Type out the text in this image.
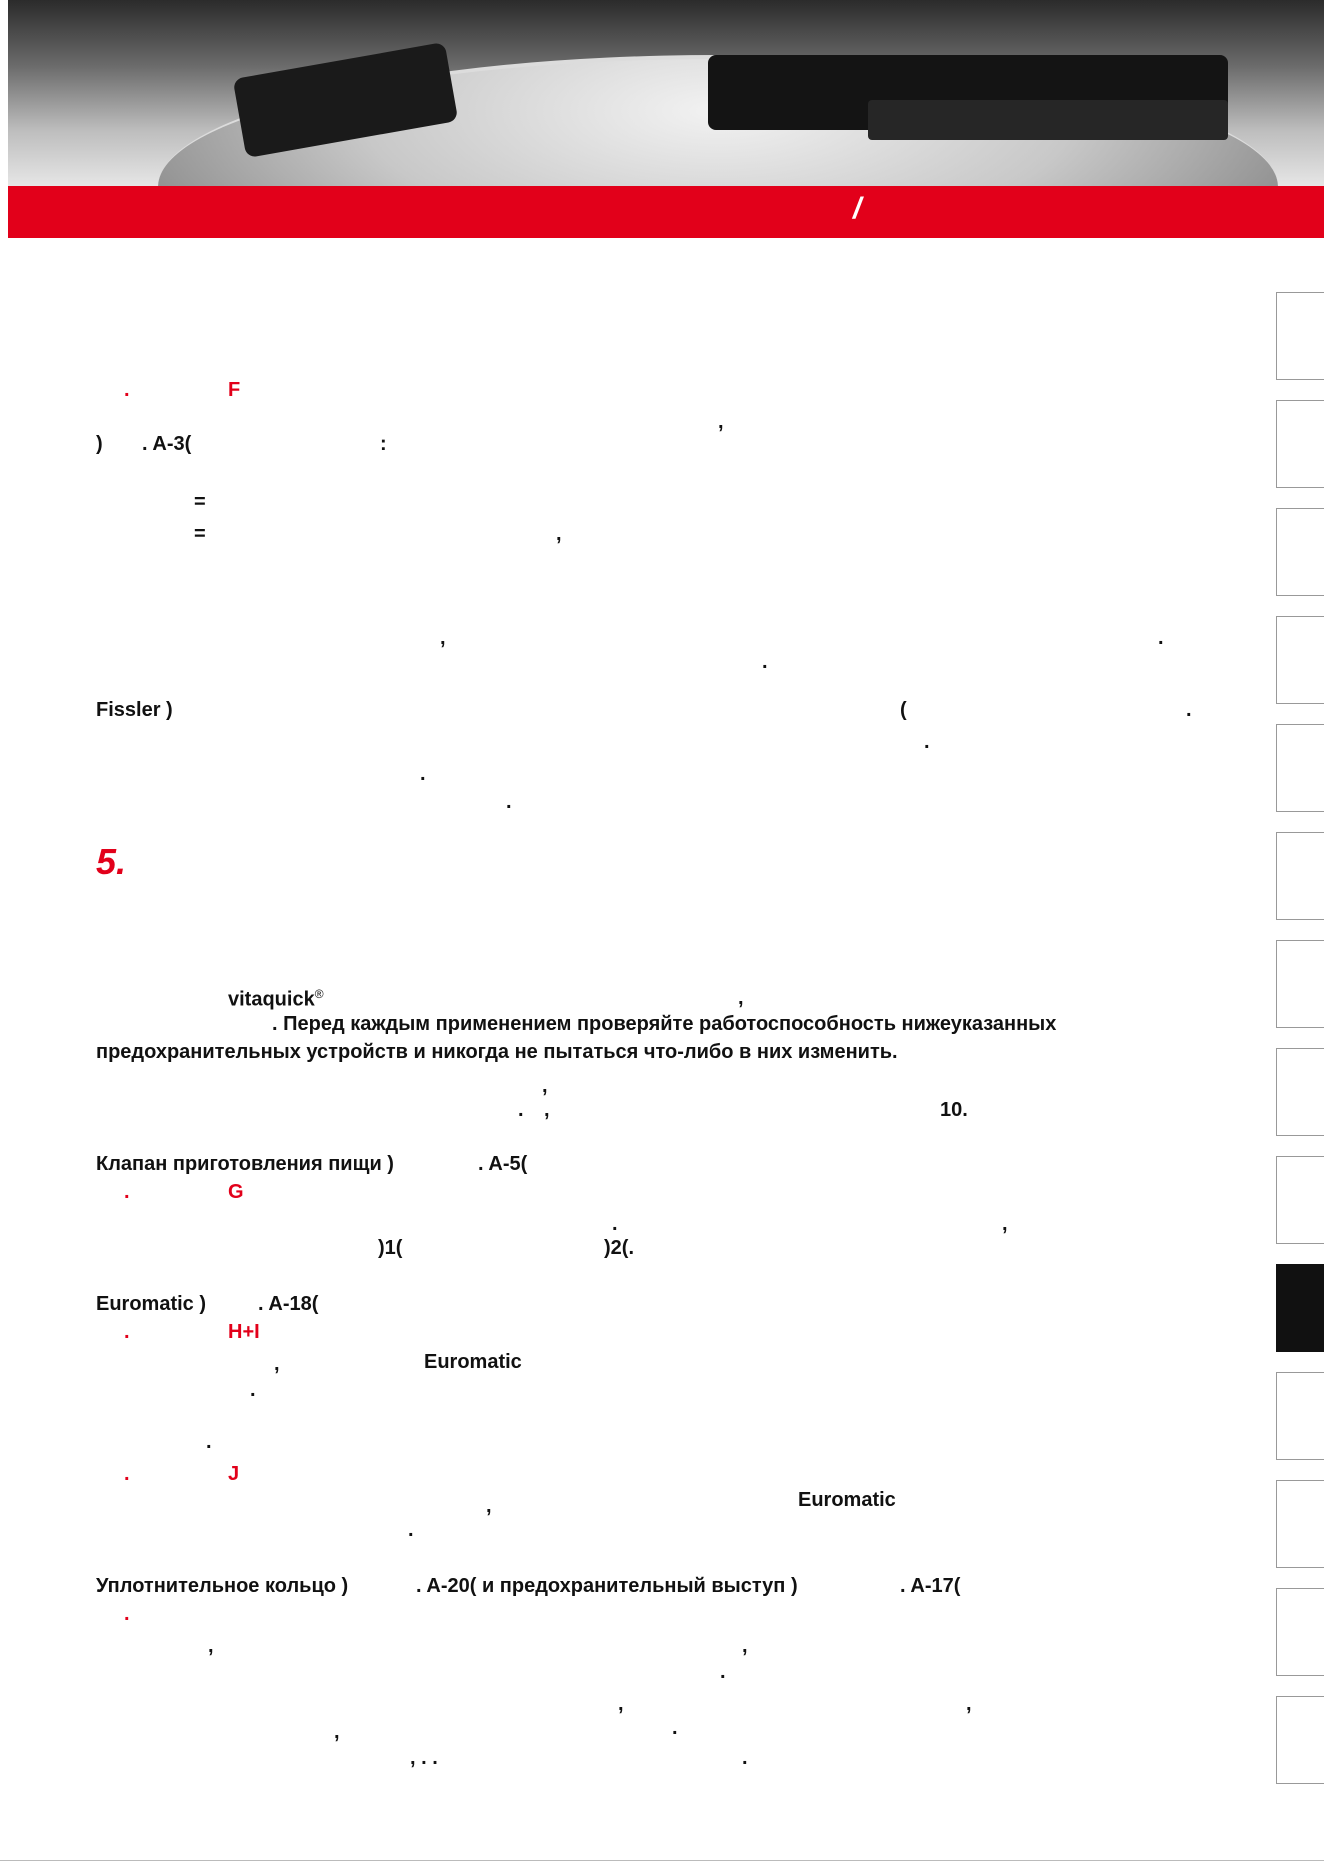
/
.	F
,
) . A-3(	:
=
=	,
,	.
.
Fissler )	(	.
.
.
.
5.
vitaquick®	,
. Перед каждым применением проверяйте работоспособность нижеуказанных
предохранительных устройств и никогда не пытаться что-либо в них изменить.
,
. ,	10.
Клапан приготовления пищи )	. A-5(
.	G
.	,
)1(	)2(.
Euromatic )	. A-18(
.	H+I
,	Euromatic
.
.
.	J
,	Euromatic
.
Уплотнительное кольцо )	. A-20( и предохранительный выступ )	. A-17(
.
,	,
.
,	,
,	.
, . .	.
